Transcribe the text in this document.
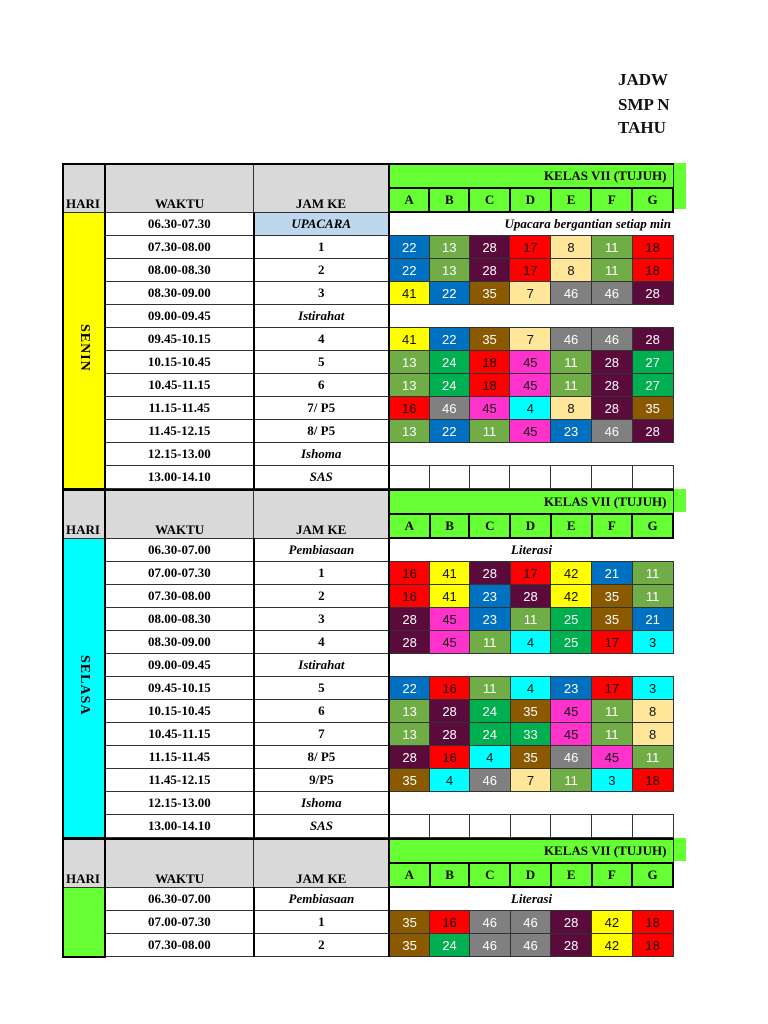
JADW
SMP N
TAHU
HARI	WAKTU	JAM KE	KELAS VII (TUJUH)						
			A	B	C	D	E	F	G
SENIN	06.30-07.30	UPACARA	Upacara bergantian setiap min						
	07.30-08.00	1	22	13	28	17	8	11	18
	08.00-08.30	2	22	13	28	17	8	11	18
	08.30-09.00	3	41	22	35	7	46	46	28
	09.00-09.45	Istirahat							
	09.45-10.15	4	41	22	35	7	46	46	28
	10.15-10.45	5	13	24	18	45	11	28	27
	10.45-11.15	6	13	24	18	45	11	28	27
	11.15-11.45	7/ P5	16	46	45	4	8	28	35
	11.45-12.15	8/ P5	13	22	11	45	23	46	28
	12.15-13.00	Ishoma							
	13.00-14.10	SAS							
HARI	WAKTU	JAM KE	KELAS VII (TUJUH)						
			A	B	C	D	E	F	G
SELASA	06.30-07.00	Pembiasaan	Literasi						
	07.00-07.30	1	16	41	28	17	42	21	11
	07.30-08.00	2	16	41	23	28	42	35	11
	08.00-08.30	3	28	45	23	11	25	35	21
	08.30-09.00	4	28	45	11	4	25	17	3
	09.00-09.45	Istirahat							
	09.45-10.15	5	22	16	11	4	23	17	3
	10.15-10.45	6	13	28	24	35	45	11	8
	10.45-11.15	7	13	28	24	33	45	11	8
	11.15-11.45	8/ P5	28	16	4	35	46	45	11
	11.45-12.15	9/P5	35	4	46	7	11	3	18
	12.15-13.00	Ishoma							
	13.00-14.10	SAS							
HARI	WAKTU	JAM KE	KELAS VII (TUJUH)						
			A	B	C	D	E	F	G
	06.30-07.00	Pembiasaan	Literasi						
	07.00-07.30	1	35	16	46	46	28	42	18
	07.30-08.00	2	35	24	46	46	28	42	18
